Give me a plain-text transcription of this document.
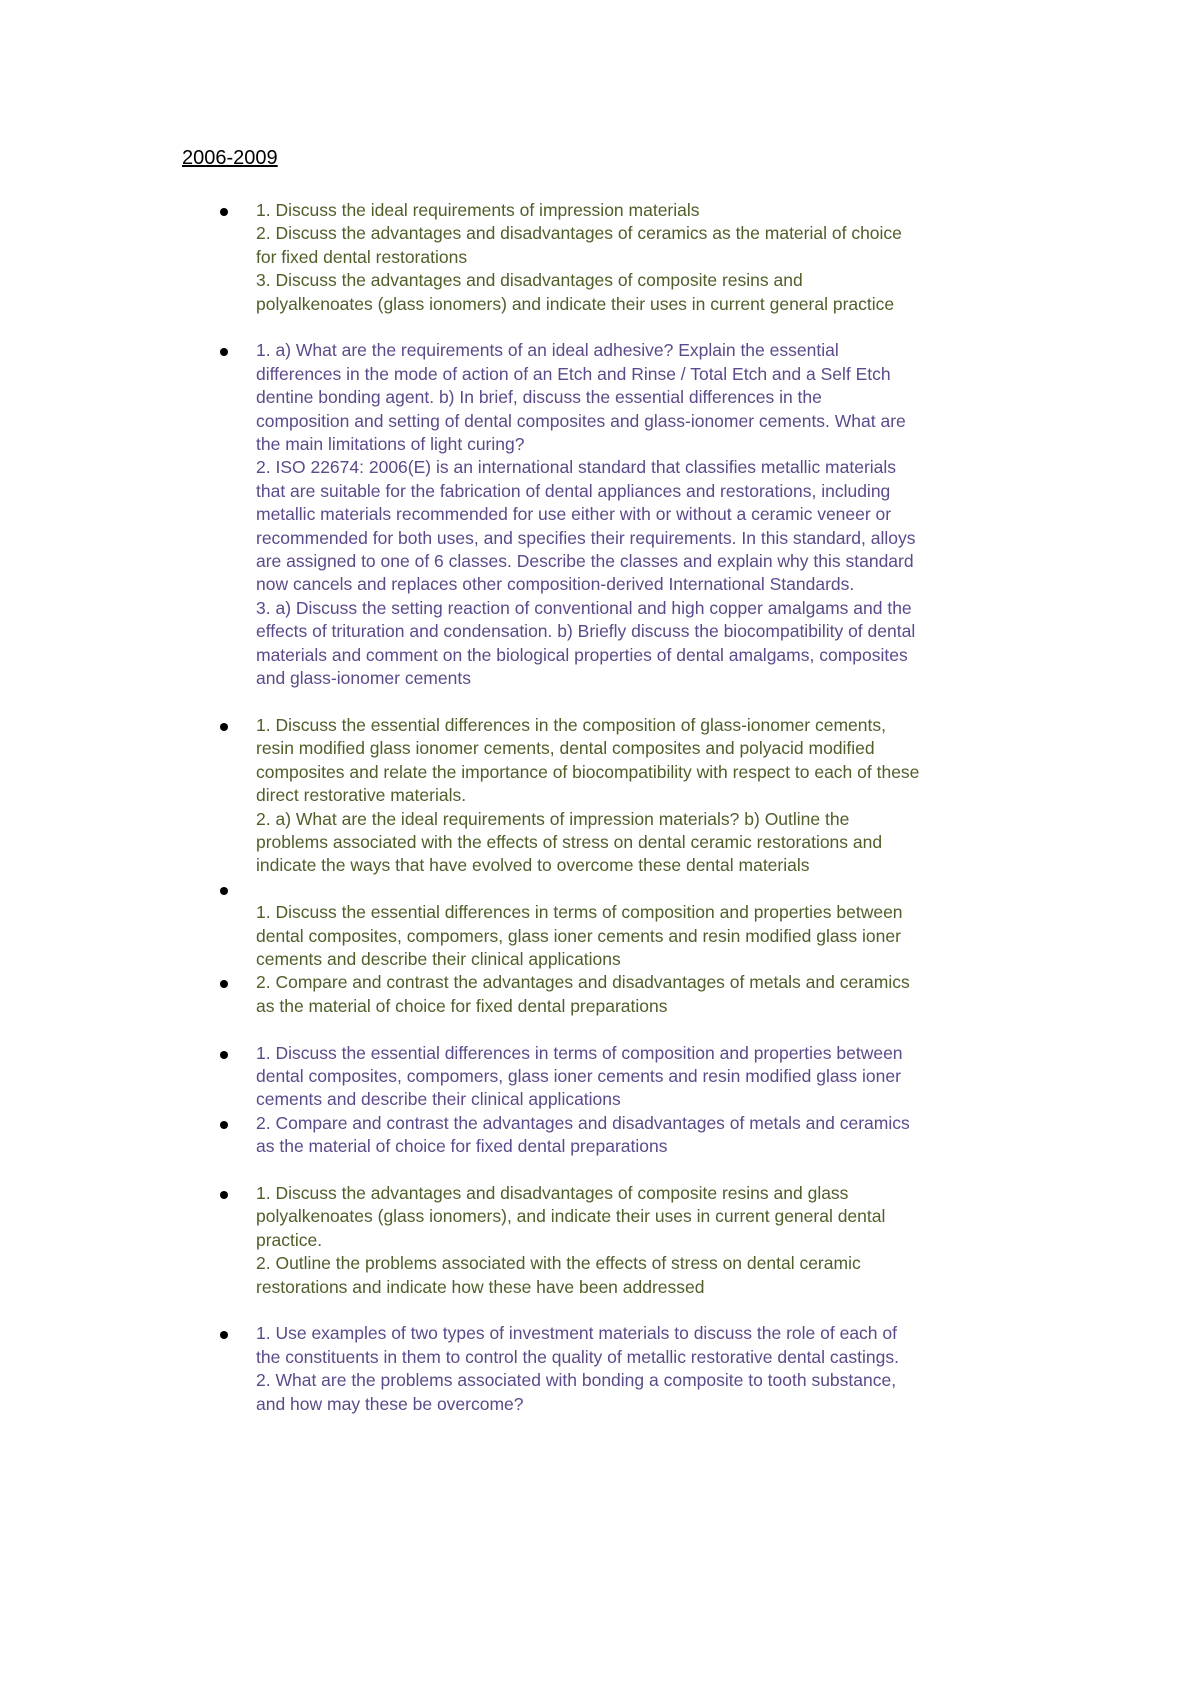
2006-2009
1. Discuss the ideal requirements of impression materials
2. Discuss the advantages and disadvantages of ceramics as the material of choice
for fixed dental restorations
3. Discuss the advantages and disadvantages of composite resins and
polyalkenoates (glass ionomers) and indicate their uses in current general practice
1. a) What are the requirements of an ideal adhesive? Explain the essential
differences in the mode of action of an Etch and Rinse / Total Etch and a Self Etch
dentine bonding agent. b) In brief, discuss the essential differences in the
composition and setting of dental composites and glass-ionomer cements. What are
the main limitations of light curing?
2. ISO 22674: 2006(E) is an international standard that classifies metallic materials
that are suitable for the fabrication of dental appliances and restorations, including
metallic materials recommended for use either with or without a ceramic veneer or
recommended for both uses, and specifies their requirements. In this standard, alloys
are assigned to one of 6 classes. Describe the classes and explain why this standard
now cancels and replaces other composition-derived International Standards.
3. a) Discuss the setting reaction of conventional and high copper amalgams and the
effects of trituration and condensation. b) Briefly discuss the biocompatibility of dental
materials and comment on the biological properties of dental amalgams, composites
and glass-ionomer cements
1. Discuss the essential differences in the composition of glass-ionomer cements,
resin modified glass ionomer cements, dental composites and polyacid modified
composites and relate the importance of biocompatibility with respect to each of these
direct restorative materials.
2. a) What are the ideal requirements of impression materials? b) Outline the
problems associated with the effects of stress on dental ceramic restorations and
indicate the ways that have evolved to overcome these dental materials

1. Discuss the essential differences in terms of composition and properties between
dental composites, compomers, glass ioner cements and resin modified glass ioner
cements and describe their clinical applications
2. Compare and contrast the advantages and disadvantages of metals and ceramics
as the material of choice for fixed dental preparations
1. Discuss the essential differences in terms of composition and properties between
dental composites, compomers, glass ioner cements and resin modified glass ioner
cements and describe their clinical applications
2. Compare and contrast the advantages and disadvantages of metals and ceramics
as the material of choice for fixed dental preparations
1. Discuss the advantages and disadvantages of composite resins and glass
polyalkenoates (glass ionomers), and indicate their uses in current general dental
practice.
2. Outline the problems associated with the effects of stress on dental ceramic
restorations and indicate how these have been addressed
1. Use examples of two types of investment materials to discuss the role of each of
the constituents in them to control the quality of metallic restorative dental castings.
2. What are the problems associated with bonding a composite to tooth substance,
and how may these be overcome?
